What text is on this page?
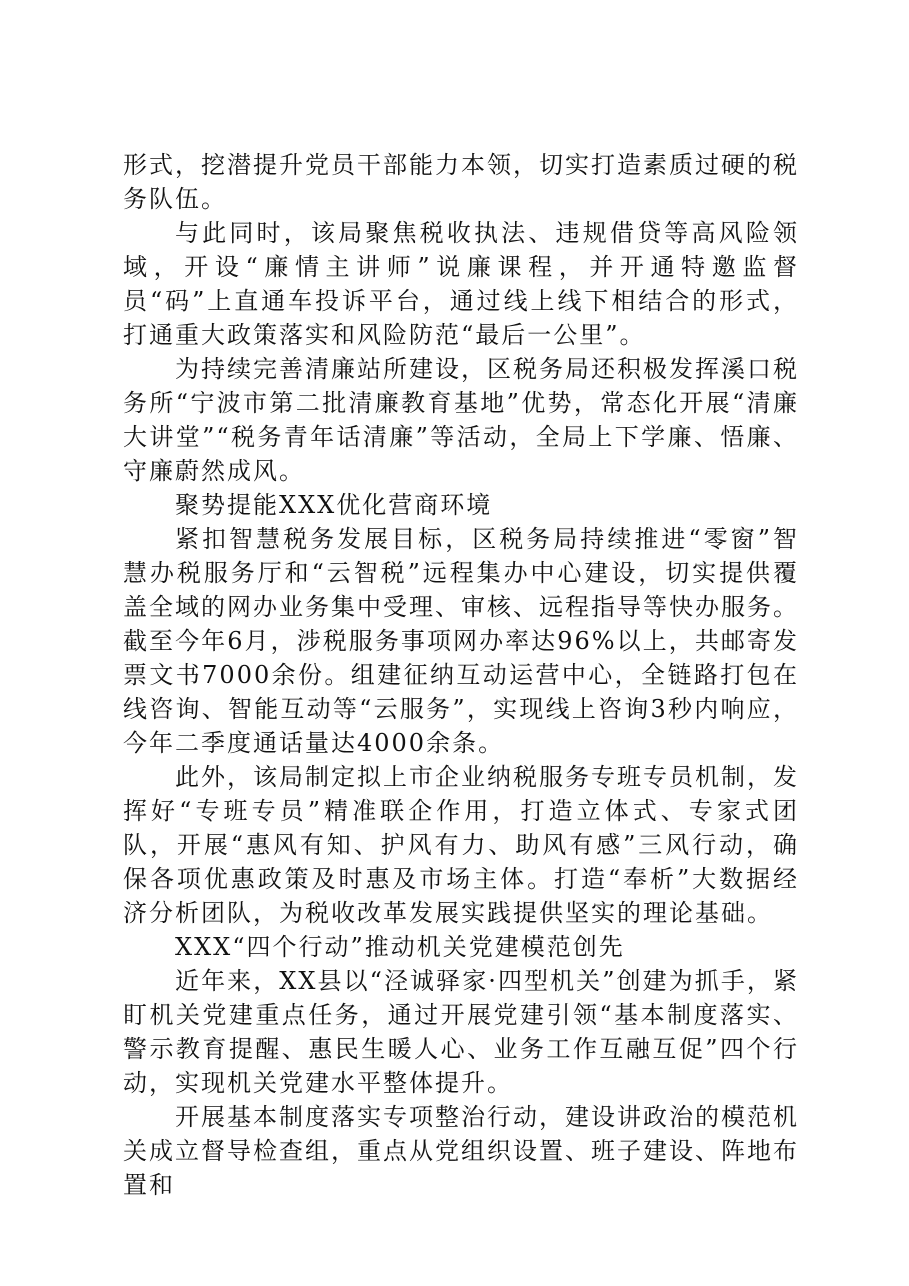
形式，挖潜提升党员干部能力本领，切实打造素质过硬的税务队伍。

与此同时，该局聚焦税收执法、违规借贷等高风险领域，开设“廉情主讲师”说廉课程，并开通特邀监督员“码”上直通车投诉平台，通过线上线下相结合的形式，打通重大政策落实和风险防范“最后一公里”。

为持续完善清廉站所建设，区税务局还积极发挥溪口税务所“宁波市第二批清廉教育基地”优势，常态化开展“清廉大讲堂”“税务青年话清廉”等活动，全局上下学廉、悟廉、守廉蔚然成风。

聚势提能XXX优化营商环境

紧扣智慧税务发展目标，区税务局持续推进“零窗”智慧办税服务厅和“云智税”远程集办中心建设，切实提供覆盖全域的网办业务集中受理、审核、远程指导等快办服务。截至今年6月，涉税服务事项网办率达96%以上，共邮寄发票文书7000余份。组建征纳互动运营中心，全链路打包在线咨询、智能互动等“云服务”，实现线上咨询3秒内响应，今年二季度通话量达4000余条。

此外，该局制定拟上市企业纳税服务专班专员机制，发挥好“专班专员”精准联企作用，打造立体式、专家式团队，开展“惠风有知、护风有力、助风有感”三风行动，确保各项优惠政策及时惠及市场主体。打造“奉析”大数据经济分析团队，为税收改革发展实践提供坚实的理论基础。

XXX“四个行动”推动机关党建模范创先

近年来，XX县以“泾诚驿家·四型机关”创建为抓手，紧盯机关党建重点任务，通过开展党建引领“基本制度落实、警示教育提醒、惠民生暖人心、业务工作互融互促”四个行动，实现机关党建水平整体提升。

开展基本制度落实专项整治行动，建设讲政治的模范机关成立督导检查组，重点从党组织设置、班子建设、阵地布置和
